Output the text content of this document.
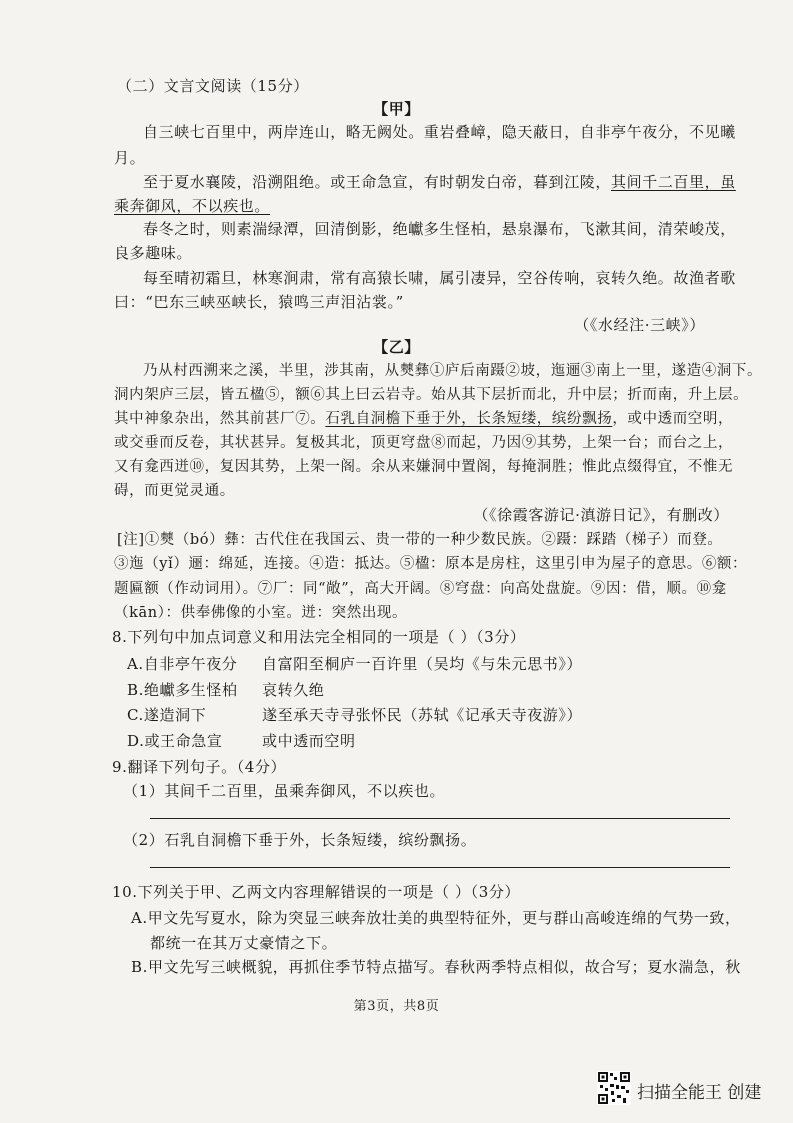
（二）文言文阅读（15分）
【甲】
自三峡七百里中，两岸连山，略无阙处。重岩叠嶂，隐天蔽日，自非亭午夜分，不见曦
月。
至于夏水襄陵，沿溯阻绝。或王命急宣，有时朝发白帝，暮到江陵，其间千二百里，虽
乘奔御风，不以疾也。
春冬之时，则素湍绿潭，回清倒影，绝巘多生怪柏，悬泉瀑布，飞漱其间，清荣峻茂，
良多趣味。
每至晴初霜旦，林寒涧肃，常有高猿长啸，属引凄异，空谷传响，哀转久绝。故渔者歌
曰：“巴东三峡巫峡长，猿鸣三声泪沾裳。”
（《水经注·三峡》）
【乙】
乃从村西溯来之溪，半里，涉其南，从僰彝①庐后南蹑②坡，迤逦③南上一里，遂造④洞下。
洞内架庐三层，皆五楹⑤，额⑥其上曰云岩寺。始从其下层折而北，升中层；折而南，升上层。
其中神象杂出，然其前甚厂⑦。石乳自洞檐下垂于外，长条短缕，缤纷飘扬，或中透而空明，
或交垂而反卷，其状甚异。复极其北，顶更穹盘⑧而起，乃因⑨其势，上架一台；而台之上，
又有龛西迸⑩，复因其势，上架一阁。余从来嫌洞中置阁，每掩洞胜；惟此点缀得宜，不惟无
碍，而更觉灵通。
（《徐霞客游记·滇游日记》，有删改）
[注]①僰（bó）彝：古代住在我国云、贵一带的一种少数民族。②蹑：踩踏（梯子）而登。
③迤（yǐ）逦：绵延，连接。④造：抵达。⑤楹：原本是房柱，这里引申为屋子的意思。⑥额：
题匾额（作动词用）。⑦厂：同“敞”，高大开阔。⑧穹盘：向高处盘旋。⑨因：借，顺。⑩龛
（kān）：供奉佛像的小室。迸：突然出现。
8.下列句中加点词意义和用法完全相同的一项是（ ）（3分）
A.自非亭午夜分 自富阳至桐庐一百许里（吴均《与朱元思书》）
B.绝巘多生怪柏 哀转久绝
C.遂造洞下	遂至承天寺寻张怀民（苏轼《记承天寺夜游》）
D.或王命急宣	或中透而空明
9.翻译下列句子。（4分）
（1）其间千二百里，虽乘奔御风，不以疾也。
（2）石乳自洞檐下垂于外，长条短缕，缤纷飘扬。
10.下列关于甲、乙两文内容理解错误的一项是（ ）（3分）
A.甲文先写夏水，除为突显三峡奔放壮美的典型特征外，更与群山高峻连绵的气势一致，
都统一在其万丈豪情之下。
B.甲文先写三峡概貌，再抓住季节特点描写。春秋两季特点相似，故合写；夏水湍急，秋
第3页，共8页
扫描全能王 创建
